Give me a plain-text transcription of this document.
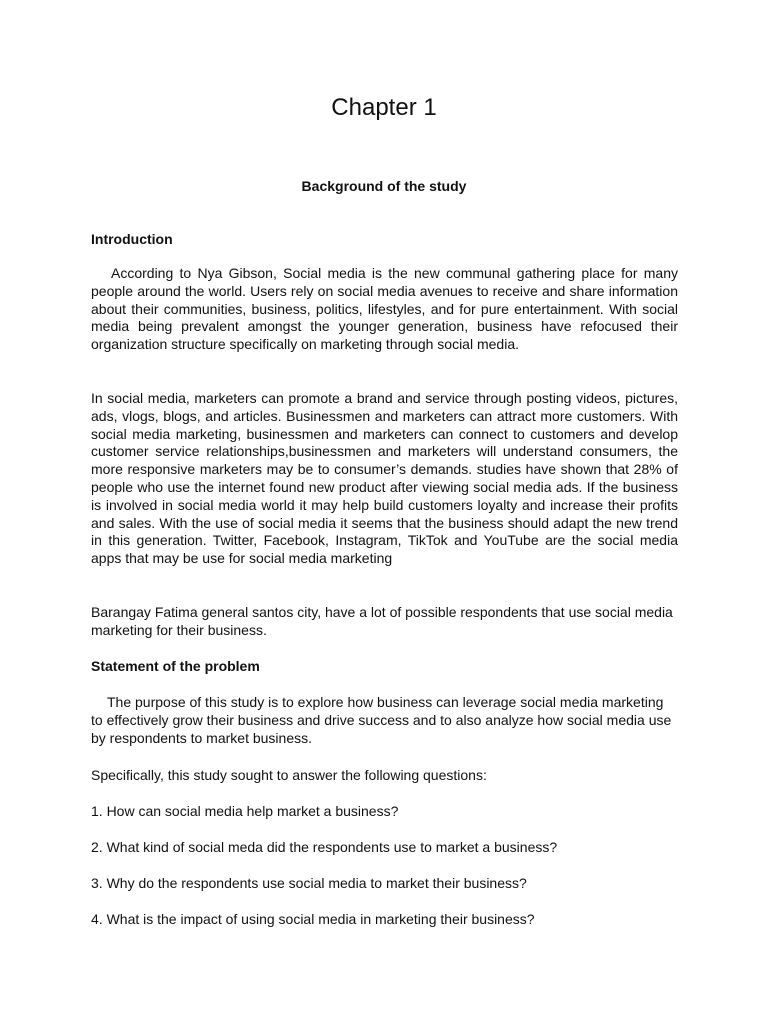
Chapter 1
Background of the study
Introduction

According to Nya Gibson, Social media is the new communal gathering place for many people around the world. Users rely on social media avenues to receive and share information about their communities, business, politics, lifestyles, and for pure entertainment. With social media being prevalent amongst the younger generation, business have refocused their organization structure specifically on marketing through social media.

In social media, marketers can promote a brand and service through posting videos, pictures, ads, vlogs, blogs, and articles. Businessmen and marketers can attract more customers. With social media marketing, businessmen and marketers can connect to customers and develop customer service relationships,businessmen and marketers will understand consumers, the more responsive marketers may be to consumer’s demands. studies have shown that 28% of people who use the internet found new product after viewing social media ads. If the business is involved in social media world it may help build customers loyalty and increase their profits and sales. With the use of social media it seems that the business should adapt the new trend in this generation. Twitter, Facebook, Instagram, TikTok and YouTube are the social media apps that may be use for social media marketing

Barangay Fatima general santos city, have a lot of possible respondents that use social media marketing for their business.

Statement of the problem

The purpose of this study is to explore how business can leverage social media marketing to effectively grow their business and drive success and to also analyze how social media use by respondents to market business.

Specifically, this study sought to answer the following questions:

1. How can social media help market a business?

2. What kind of social meda did the respondents use to market a business?

3. Why do the respondents use social media to market their business?

4. What is the impact of using social media in marketing their business?
